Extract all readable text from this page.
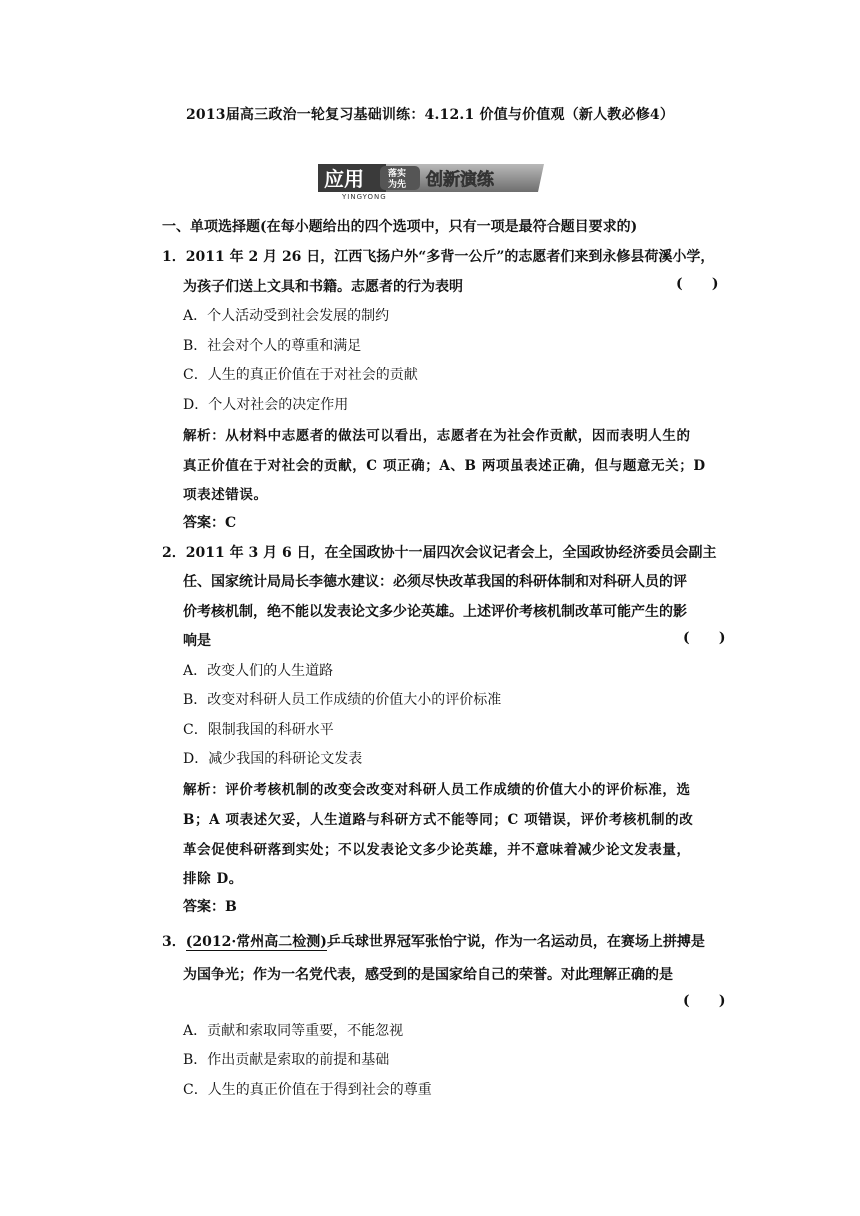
2013届高三政治一轮复习基础训练：4.12.1 价值与价值观（新人教必修4）
应用	落实
为先 创新演练
YINGYONG
一、单项选择题(在每小题给出的四个选项中，只有一项是最符合题目要求的)
1．2011 年 2 月 26 日，江西飞扬户外“多背一公斤”的志愿者们来到永修县荷溪小学，
为孩子们送上文具和书籍。志愿者的行为表明	(      )
A．个人活动受到社会发展的制约
B．社会对个人的尊重和满足
C．人生的真正价值在于对社会的贡献
D．个人对社会的决定作用
解析：从材料中志愿者的做法可以看出，志愿者在为社会作贡献，因而表明人生的
真正价值在于对社会的贡献，C 项正确；A、B 两项虽表述正确，但与题意无关；D
项表述错误。
答案：C
2．2011 年 3 月 6 日，在全国政协十一届四次会议记者会上，全国政协经济委员会副主
任、国家统计局局长李德水建议：必须尽快改革我国的科研体制和对科研人员的评
价考核机制，绝不能以发表论文多少论英雄。上述评价考核机制改革可能产生的影
响是	(      )
A．改变人们的人生道路
B．改变对科研人员工作成绩的价值大小的评价标准
C．限制我国的科研水平
D．减少我国的科研论文发表
解析：评价考核机制的改变会改变对科研人员工作成绩的价值大小的评价标准，选
B；A 项表述欠妥，人生道路与科研方式不能等同；C 项错误，评价考核机制的改
革会促使科研落到实处；不以发表论文多少论英雄，并不意味着减少论文发表量，
排除 D。
答案：B
3．(2012·常州高二检测)乒乓球世界冠军张怡宁说，作为一名运动员，在赛场上拼搏是
为国争光；作为一名党代表，感受到的是国家给自己的荣誉。对此理解正确的是
(      )
A．贡献和索取同等重要，不能忽视
B．作出贡献是索取的前提和基础
C．人生的真正价值在于得到社会的尊重
